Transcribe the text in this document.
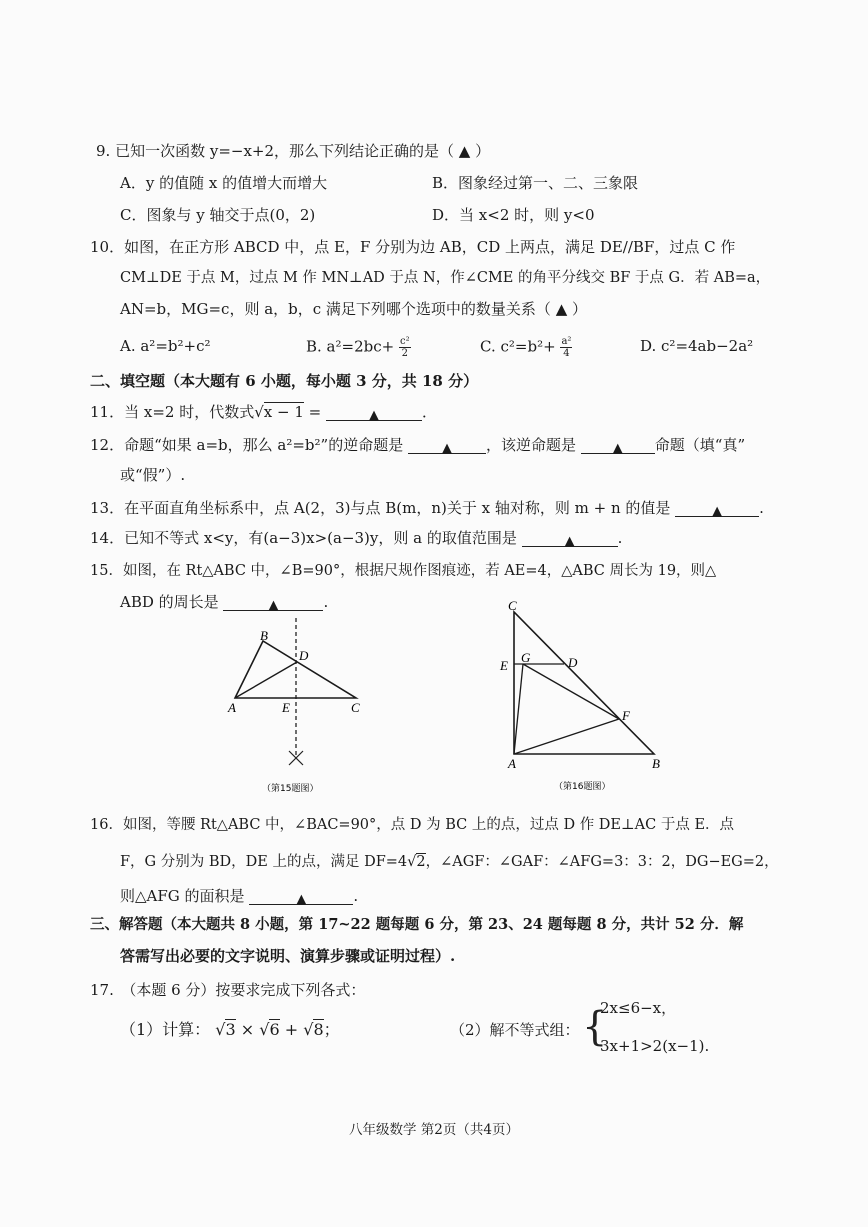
9. 已知一次函数 y=−x+2，那么下列结论正确的是（ ▲ ）
A．y 的值随 x 的值增大而增大	B．图象经过第一、二、三象限
C．图象与 y 轴交于点(0，2)	D．当 x<2 时，则 y<0
10．如图，在正方形 ABCD 中，点 E，F 分别为边 AB，CD 上两点，满足 DE//BF，过点 C 作
CM⊥DE 于点 M，过点 M 作 MN⊥AD 于点 N，作∠CME 的角平分线交 BF 于点 G．若 AB=a，
AN=b，MG=c，则 a，b，c 满足下列哪个选项中的数量关系（ ▲ ）
A. a²=b²+c²	B. $a^2=2bc+ \frac{\text{c²}}{2}$	C. $c^2=b^2+ \frac{\text{a²}}{4}$	D. c²=4ab−2a²
二、填空题（本大题有 6 小题，每小题 3 分，共 18 分）
11．当 x=2 时，代数式√x − 1 =	▲	．
12．命题“如果 a=b，那么 a²=b²”的逆命题是	▲ ，该逆命题是	▲ 命题（填“真”
或“假”）.
13．在平面直角坐标系中，点 A(2，3)与点 B(m，n)关于 x 轴对称，则 m + n 的值是	▲ .
14．已知不等式 x<y，有(a−3)x>(a−3)y，则 a 的取值范围是	▲	.
15．如图，在 Rt△ABC 中，∠B=90°，根据尺规作图痕迹，若 AE=4，△ABC 周长为 19，则△
ABD 的周长是	▲	.
B
D
A	E	C
（第15题图）
C
E
G	D
F
A	B
（第16题图）
16．如图，等腰 Rt△ABC 中，∠BAC=90°，点 D 为 BC 上的点，过点 D 作 DE⊥AC 于点 E．点
F，G 分别为 BD，DE 上的点，满足 DF=4√2，∠AGF：∠GAF：∠AFG=3：3：2，DG−EG=2，
则△AFG 的面积是	▲	.
三、解答题（本大题共 8 小题，第 17~22 题每题 6 分，第 23、24 题每题 8 分，共计 52 分．解
答需写出必要的文字说明、演算步骤或证明过程）.
17.　（本题 6 分）按要求完成下列各式：
（1）计算： √3 × √6 + √8；	（2）解不等式组： {
2x≤6−x，
3x+1>2(x−1).
八年级数学 第2页（共4页）
